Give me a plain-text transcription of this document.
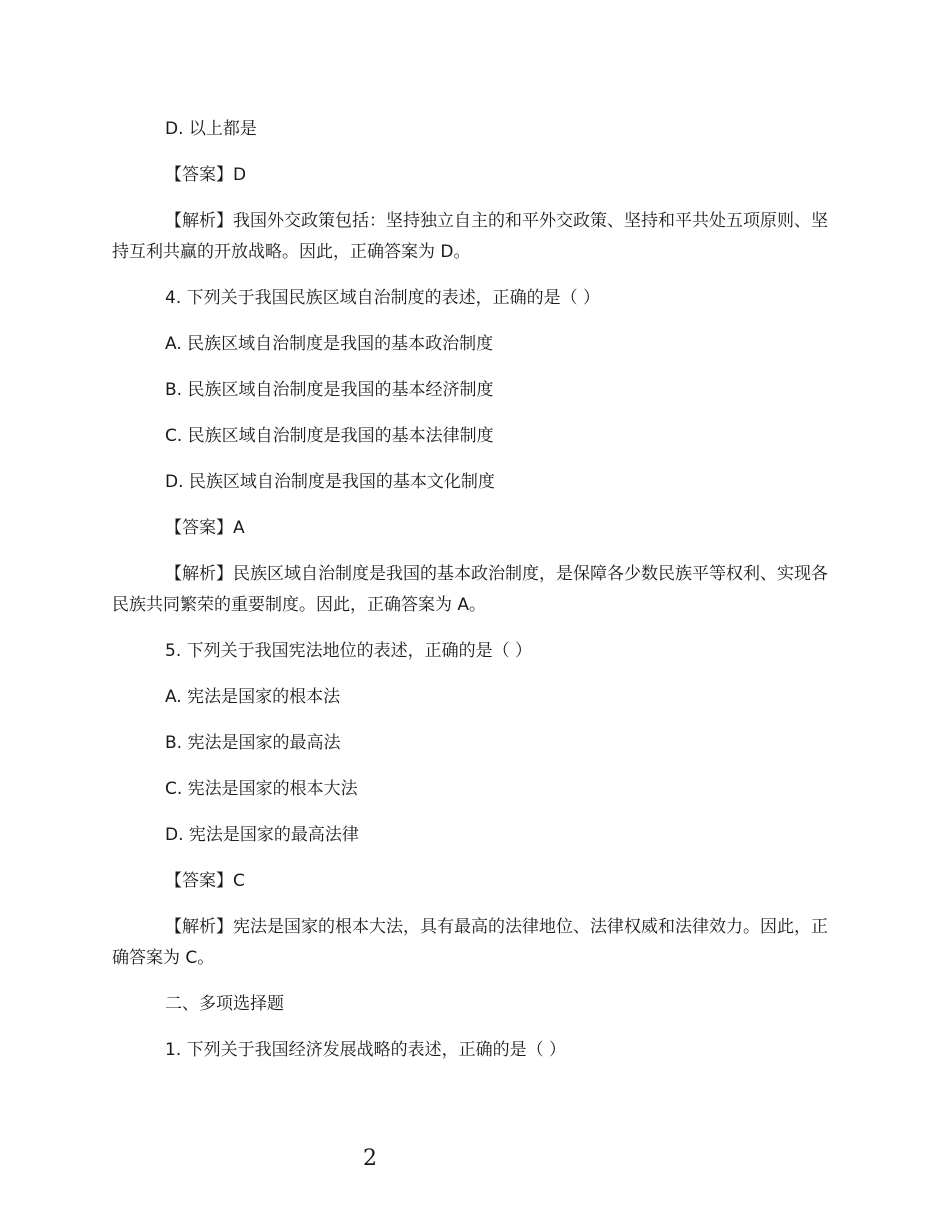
D. 以上都是

【答案】D

【解析】我国外交政策包括：坚持独立自主的和平外交政策、坚持和平共处五项原则、坚持互利共赢的开放战略。因此，正确答案为 D。

4. 下列关于我国民族区域自治制度的表述，正确的是（ ）

A. 民族区域自治制度是我国的基本政治制度

B. 民族区域自治制度是我国的基本经济制度

C. 民族区域自治制度是我国的基本法律制度

D. 民族区域自治制度是我国的基本文化制度

【答案】A

【解析】民族区域自治制度是我国的基本政治制度，是保障各少数民族平等权利、实现各民族共同繁荣的重要制度。因此，正确答案为 A。

5. 下列关于我国宪法地位的表述，正确的是（ ）

A. 宪法是国家的根本法

B. 宪法是国家的最高法

C. 宪法是国家的根本大法

D. 宪法是国家的最高法律

【答案】C

【解析】宪法是国家的根本大法，具有最高的法律地位、法律权威和法律效力。因此，正确答案为 C。

二、多项选择题

1. 下列关于我国经济发展战略的表述，正确的是（ ）

2
